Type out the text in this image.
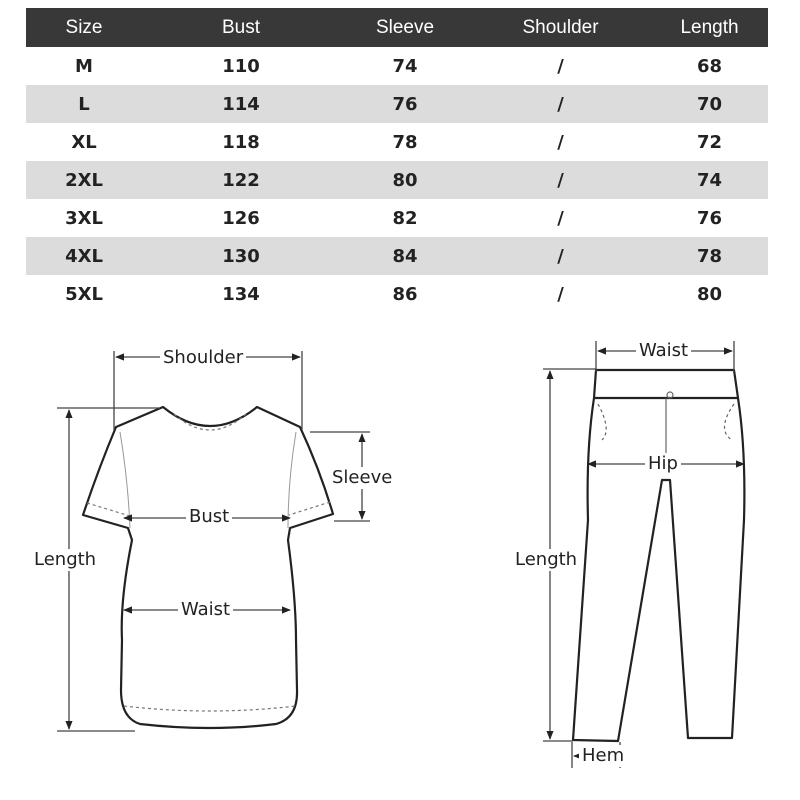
Size	Bust	Sleeve	Shoulder	Length
M	110	74	/	68
L	114	76	/	70
XL	118	78	/	72
2XL	122	80	/	74
3XL	126	82	/	76
4XL	130	84	/	78
5XL	134	86	/	80
Shoulder
Sleeve
Bust
Waist
Length
Waist
Hip
Length
Hem
